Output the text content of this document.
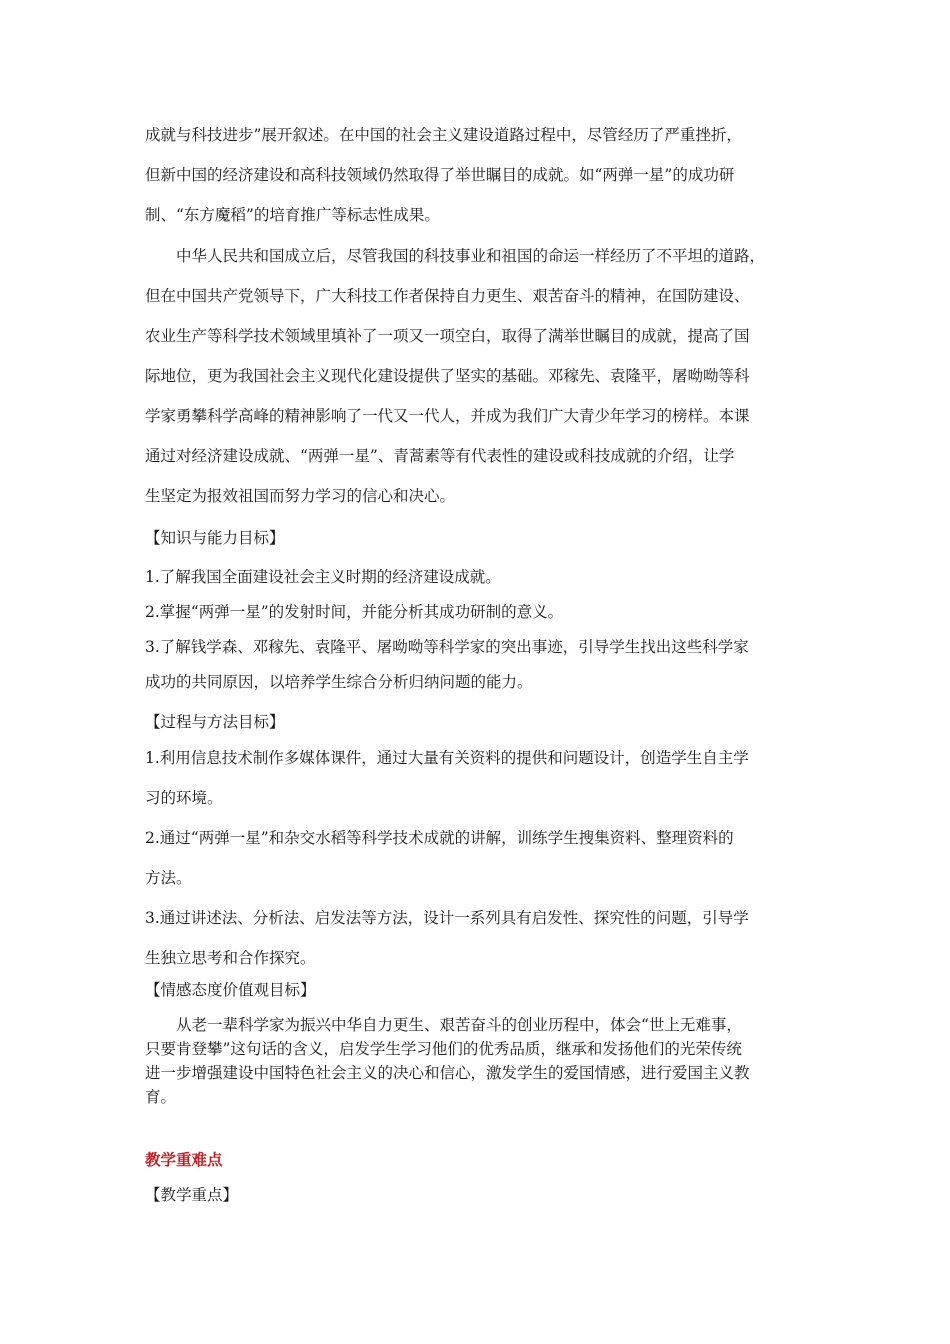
成就与科技进步”展开叙述。在中国的社会主义建设道路过程中，尽管经历了严重挫折，
但新中国的经济建设和高科技领域仍然取得了举世瞩目的成就。如“两弹一星”的成功研
制、“东方魔稻”的培育推广等标志性成果。
中华人民共和国成立后，尽管我国的科技事业和祖国的命运一样经历了不平坦的道路，
但在中国共产党领导下，广大科技工作者保持自力更生、艰苦奋斗的精神，在国防建设、
农业生产等科学技术领域里填补了一项又一项空白，取得了满举世瞩目的成就，提高了国
际地位，更为我国社会主义现代化建设提供了坚实的基础。邓稼先、袁隆平，屠呦呦等科
学家勇攀科学高峰的精神影响了一代又一代人，并成为我们广大青少年学习的榜样。本课
通过对经济建设成就、“两弹一星”、青蒿素等有代表性的建设或科技成就的介绍，让学
生坚定为报效祖国而努力学习的信心和决心。
【知识与能力目标】
1.了解我国全面建设社会主义时期的经济建设成就。
2.掌握“两弹一星”的发射时间，并能分析其成功研制的意义。
3.了解钱学森、邓稼先、袁隆平、屠呦呦等科学家的突出事迹，引导学生找出这些科学家
成功的共同原因，以培养学生综合分析归纳问题的能力。
【过程与方法目标】
1.利用信息技术制作多媒体课件，通过大量有关资料的提供和问题设计，创造学生自主学
习的环境。
2.通过“两弹一星”和杂交水稻等科学技术成就的讲解，训练学生搜集资料、整理资料的
方法。
3.通过讲述法、分析法、启发法等方法，设计一系列具有启发性、探究性的问题，引导学
生独立思考和合作探究。
【情感态度价值观目标】
从老一辈科学家为振兴中华自力更生、艰苦奋斗的创业历程中，体会“世上无难事，
只要肯登攀”这句话的含义，启发学生学习他们的优秀品质，继承和发扬他们的光荣传统
进一步增强建设中国特色社会主义的决心和信心，激发学生的爱国情感，进行爱国主义教
育。
教学重难点
【教学重点】
